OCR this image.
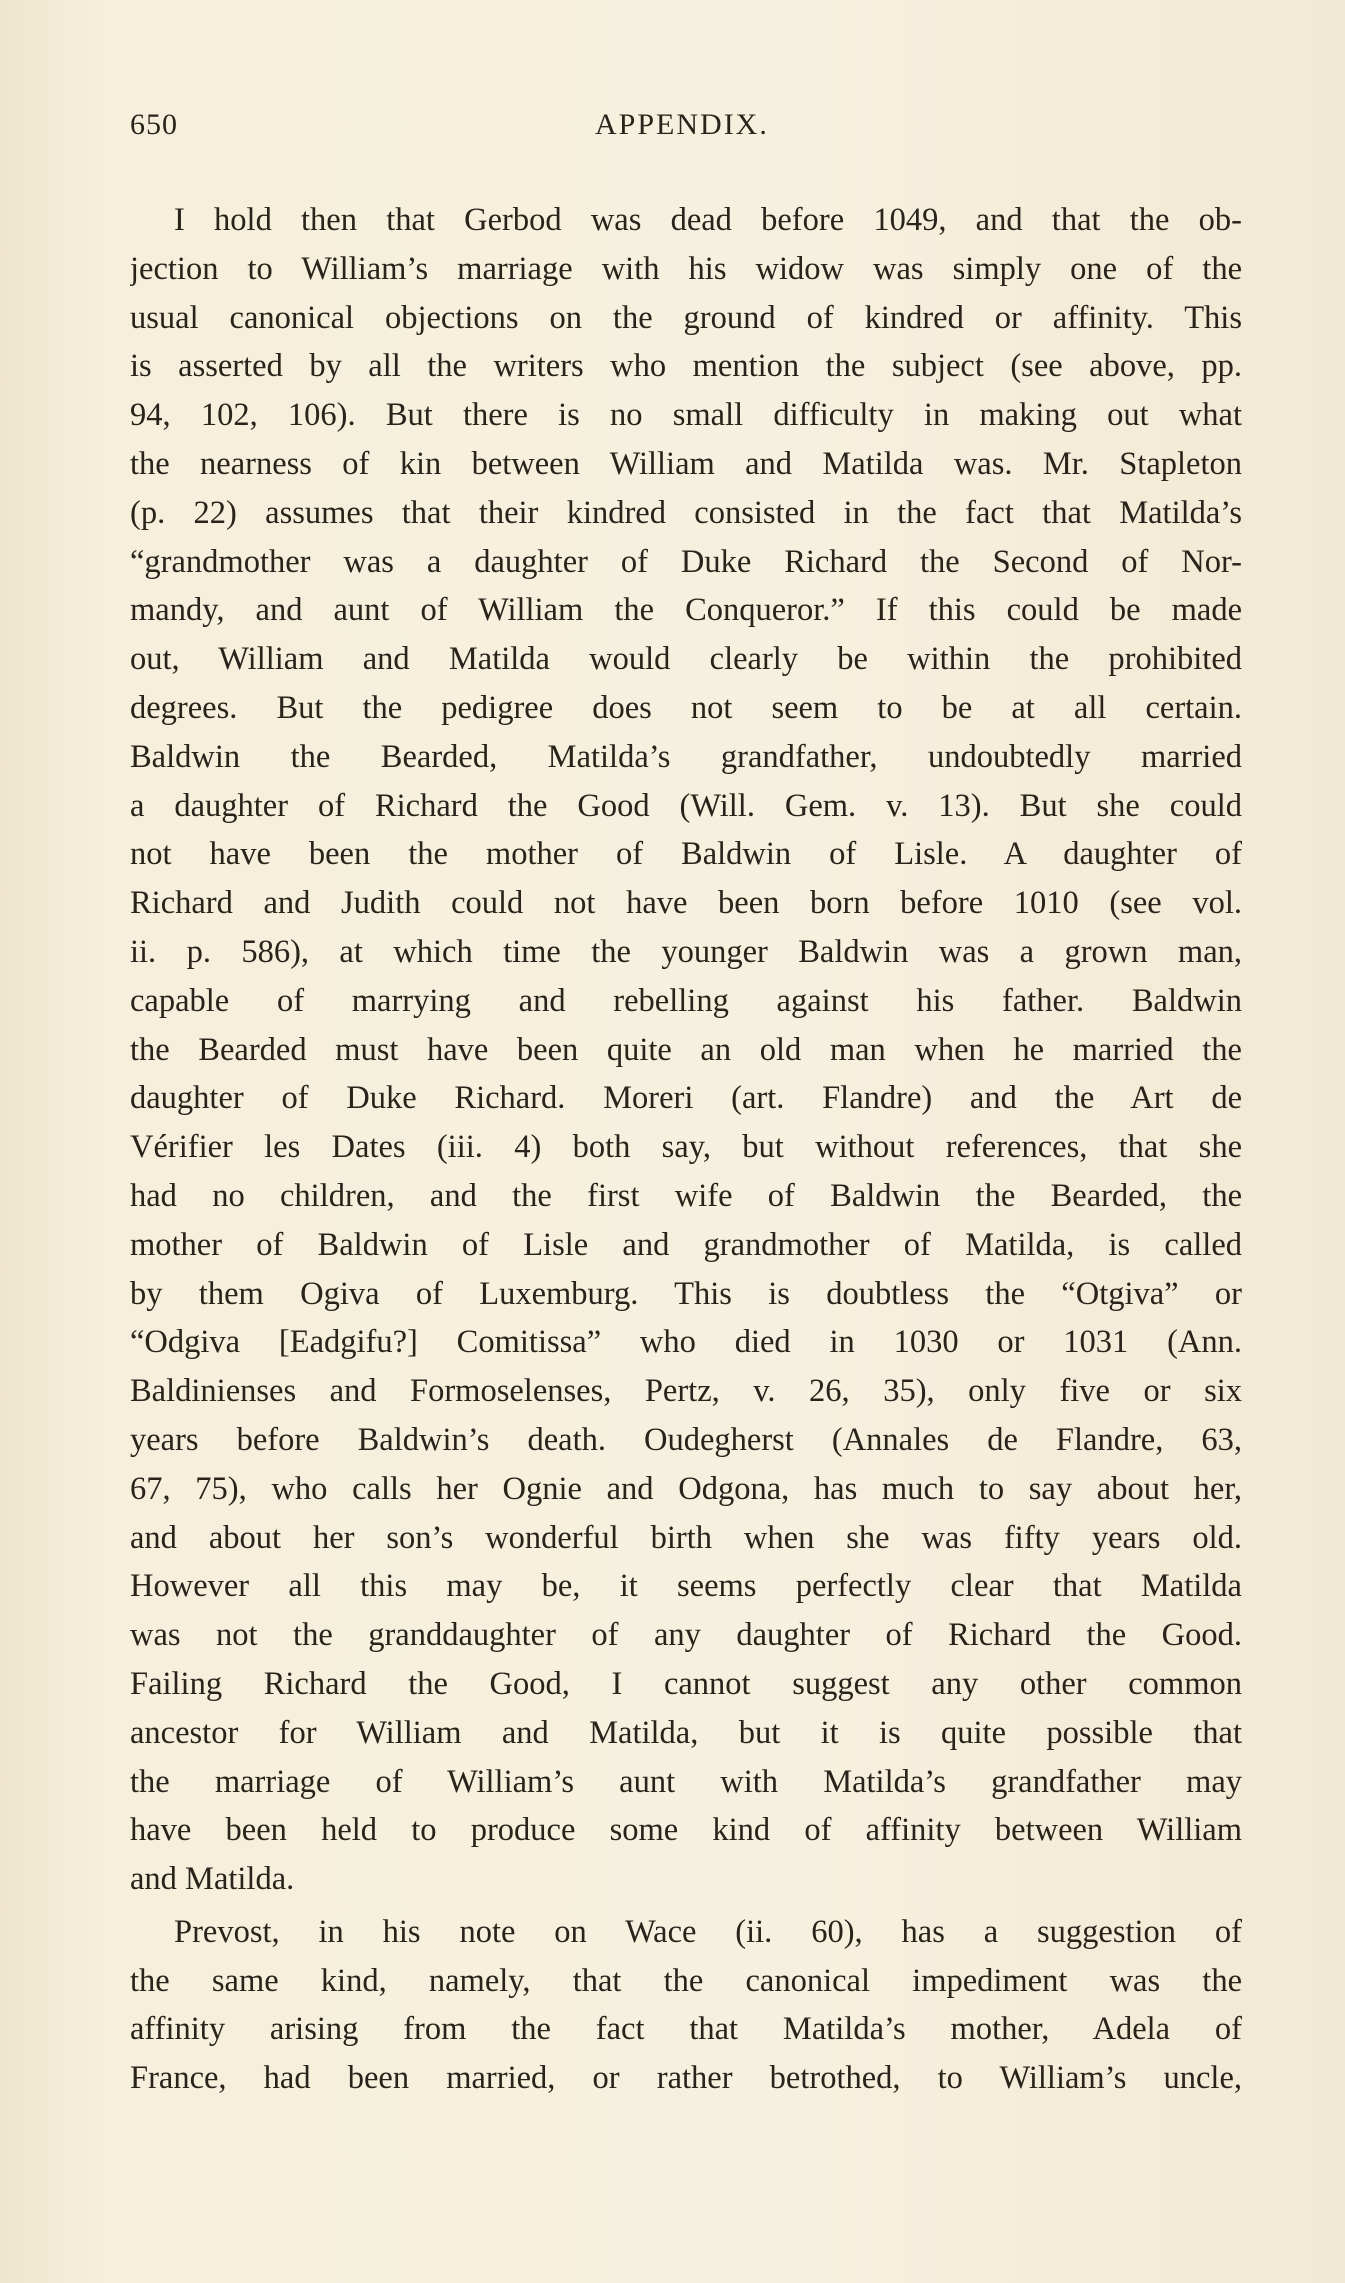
650	APPENDIX.
I hold then that Gerbod was dead before 1049, and that the ob-
jection to William’s marriage with his widow was simply one of the
usual canonical objections on the ground of kindred or affinity. This
is asserted by all the writers who mention the subject (see above, pp.
94, 102, 106). But there is no small difficulty in making out what
the nearness of kin between William and Matilda was. Mr. Stapleton
(p. 22) assumes that their kindred consisted in the fact that Matilda’s
“grandmother was a daughter of Duke Richard the Second of Nor-
mandy, and aunt of William the Conqueror.” If this could be made
out, William and Matilda would clearly be within the prohibited
degrees. But the pedigree does not seem to be at all certain.
Baldwin the Bearded, Matilda’s grandfather, undoubtedly married
a daughter of Richard the Good (Will. Gem. v. 13). But she could
not have been the mother of Baldwin of Lisle. A daughter of
Richard and Judith could not have been born before 1010 (see vol.
ii. p. 586), at which time the younger Baldwin was a grown man,
capable of marrying and rebelling against his father. Baldwin
the Bearded must have been quite an old man when he married the
daughter of Duke Richard. Moreri (art. Flandre) and the Art de
Vérifier les Dates (iii. 4) both say, but without references, that she
had no children, and the first wife of Baldwin the Bearded, the
mother of Baldwin of Lisle and grandmother of Matilda, is called
by them Ogiva of Luxemburg. This is doubtless the “Otgiva” or
“Odgiva [Eadgifu?] Comitissa” who died in 1030 or 1031 (Ann.
Baldinienses and Formoselenses, Pertz, v. 26, 35), only five or six
years before Baldwin’s death. Oudegherst (Annales de Flandre, 63,
67, 75), who calls her Ognie and Odgona, has much to say about her,
and about her son’s wonderful birth when she was fifty years old.
However all this may be, it seems perfectly clear that Matilda
was not the granddaughter of any daughter of Richard the Good.
Failing Richard the Good, I cannot suggest any other common
ancestor for William and Matilda, but it is quite possible that
the marriage of William’s aunt with Matilda’s grandfather may
have been held to produce some kind of affinity between William
and Matilda.
Prevost, in his note on Wace (ii. 60), has a suggestion of
the same kind, namely, that the canonical impediment was the
affinity arising from the fact that Matilda’s mother, Adela of
France, had been married, or rather betrothed, to William’s uncle,
